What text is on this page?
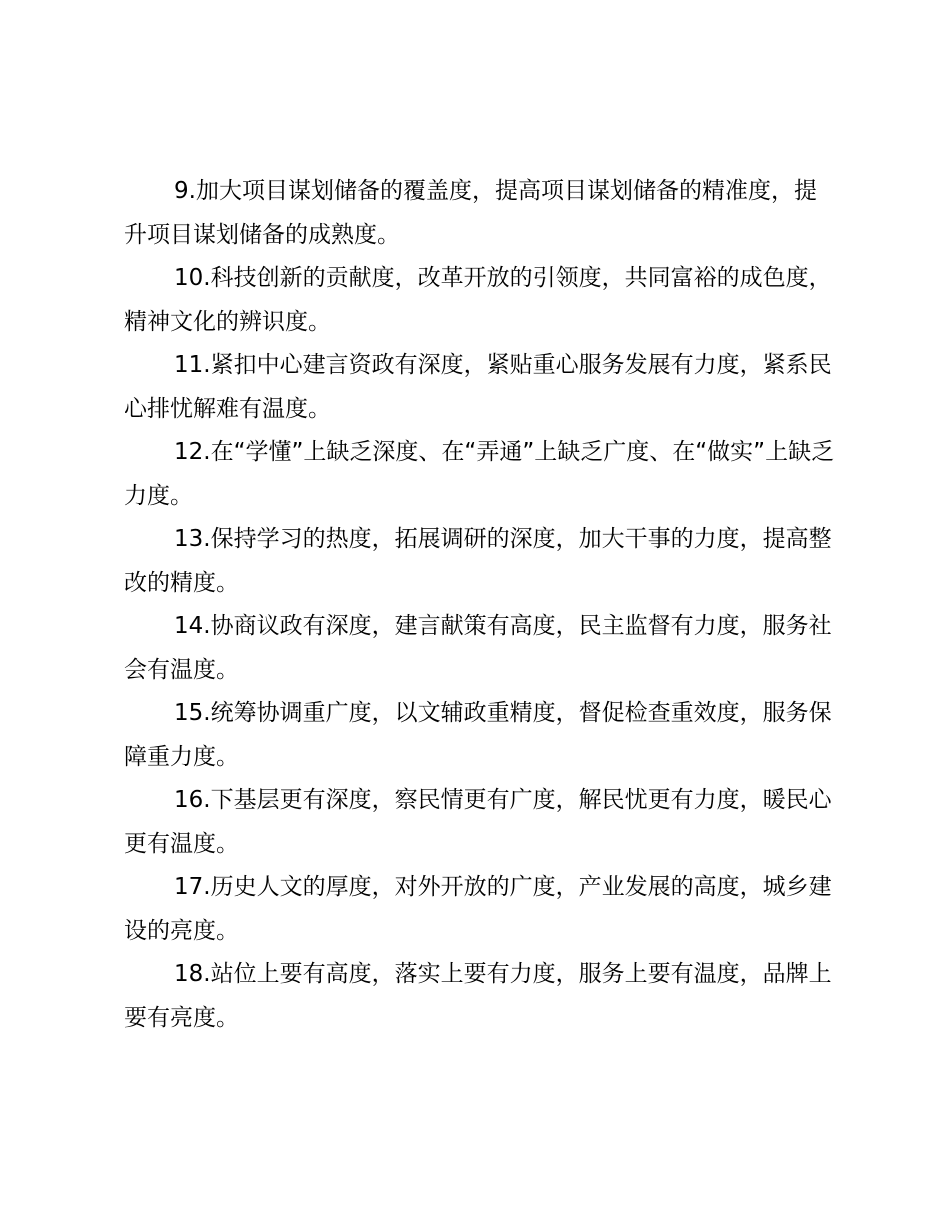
9.加大项目谋划储备的覆盖度，提高项目谋划储备的精准度，提升项目谋划储备的成熟度。

10.科技创新的贡献度，改革开放的引领度，共同富裕的成色度，精神文化的辨识度。

11.紧扣中心建言资政有深度，紧贴重心服务发展有力度，紧系民心排忧解难有温度。

12.在“学懂”上缺乏深度、在“弄通”上缺乏广度、在“做实”上缺乏力度。

13.保持学习的热度，拓展调研的深度，加大干事的力度，提高整改的精度。

14.协商议政有深度，建言献策有高度，民主监督有力度，服务社会有温度。

15.统筹协调重广度，以文辅政重精度，督促检查重效度，服务保障重力度。

16.下基层更有深度，察民情更有广度，解民忧更有力度，暖民心更有温度。

17.历史人文的厚度，对外开放的广度，产业发展的高度，城乡建设的亮度。

18.站位上要有高度，落实上要有力度，服务上要有温度，品牌上要有亮度。
